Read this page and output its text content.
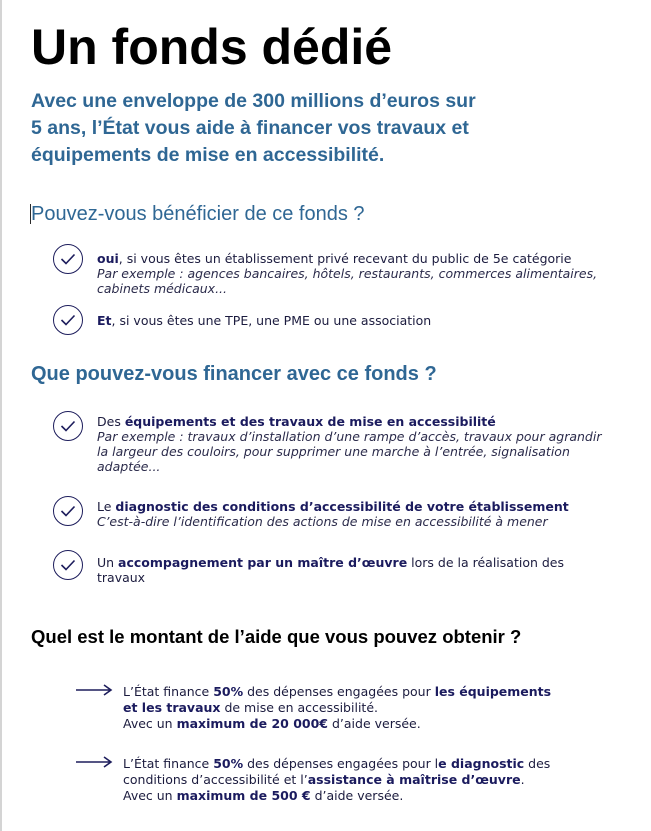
Un fonds dédié

Avec une enveloppe de 300 millions d’euros sur
5 ans, l’État vous aide à financer vos travaux et
équipements de mise en accessibilité.

Pouvez-vous bénéficier de ce fonds ?
oui, si vous êtes un établissement privé recevant du public de 5e catégorie
Par exemple : agences bancaires, hôtels, restaurants, commerces alimentaires,
cabinets médicaux...
Et, si vous êtes une TPE, une PME ou une association
Que pouvez-vous financer avec ce fonds ?
Des équipements et des travaux de mise en accessibilité
Par exemple : travaux d’installation d’une rampe d’accès, travaux pour agrandir
la largeur des couloirs, pour supprimer une marche à l’entrée, signalisation
adaptée...
Le diagnostic des conditions d’accessibilité de votre établissement
C’est-à-dire l’identification des actions de mise en accessibilité à mener
Un accompagnement par un maître d’œuvre lors de la réalisation des
travaux
Quel est le montant de l’aide que vous pouvez obtenir ?
L’État finance 50% des dépenses engagées pour les équipements
et les travaux de mise en accessibilité.
Avec un maximum de 20 000€ d’aide versée.
L’État finance 50% des dépenses engagées pour le diagnostic des
conditions d’accessibilité et l’assistance à maîtrise d’œuvre.
Avec un maximum de 500 € d’aide versée.
